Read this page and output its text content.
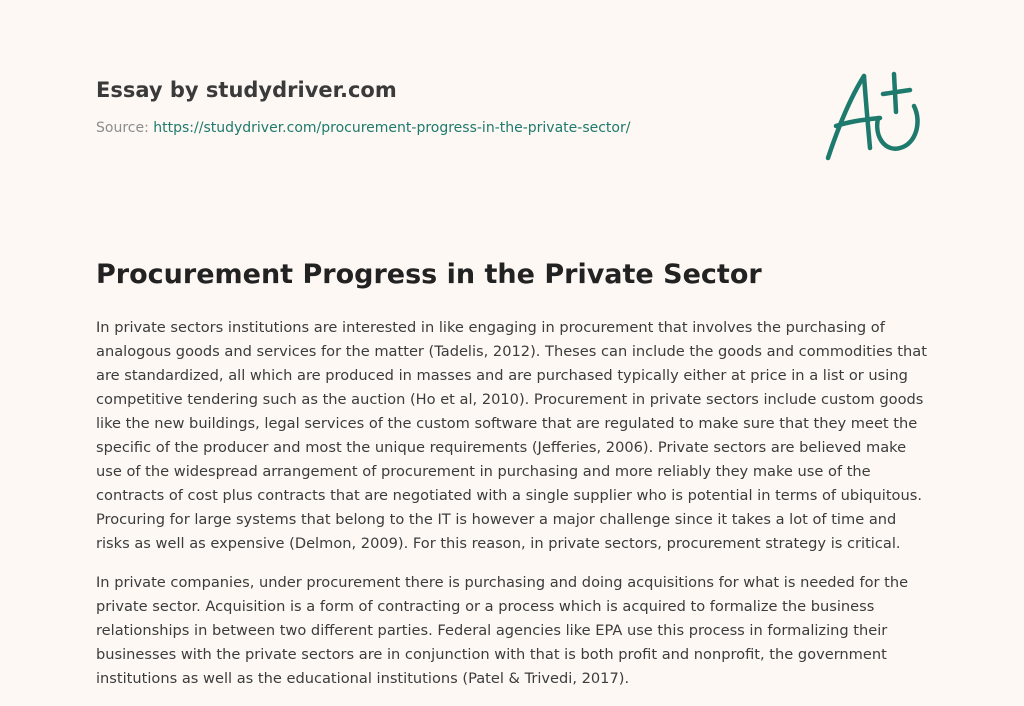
Essay by studydriver.com
Source: https://studydriver.com/procurement-progress-in-the-private-sector/
Procurement Progress in the Private Sector

In private sectors institutions are interested in like engaging in procurement that involves the purchasing of analogous goods and services for the matter (Tadelis, 2012). Theses can include the goods and commodities that are standardized, all which are produced in masses and are purchased typically either at price in a list or using competitive tendering such as the auction (Ho et al, 2010). Procurement in private sectors include custom goods like the new buildings, legal services of the custom software that are regulated to make sure that they meet the specific of the producer and most the unique requirements (Jefferies, 2006). Private sectors are believed make use of the widespread arrangement of procurement in purchasing and more reliably they make use of the contracts of cost plus contracts that are negotiated with a single supplier who is potential in terms of ubiquitous. Procuring for large systems that belong to the IT is however a major challenge since it takes a lot of time and risks as well as expensive (Delmon, 2009). For this reason, in private sectors, procurement strategy is critical.

In private companies, under procurement there is purchasing and doing acquisitions for what is needed for the private sector. Acquisition is a form of contracting or a process which is acquired to formalize the business relationships in between two different parties. Federal agencies like EPA use this process in formalizing their businesses with the private sectors are in conjunction with that is both profit and nonprofit, the government institutions as well as the educational institutions (Patel & Trivedi, 2017).
